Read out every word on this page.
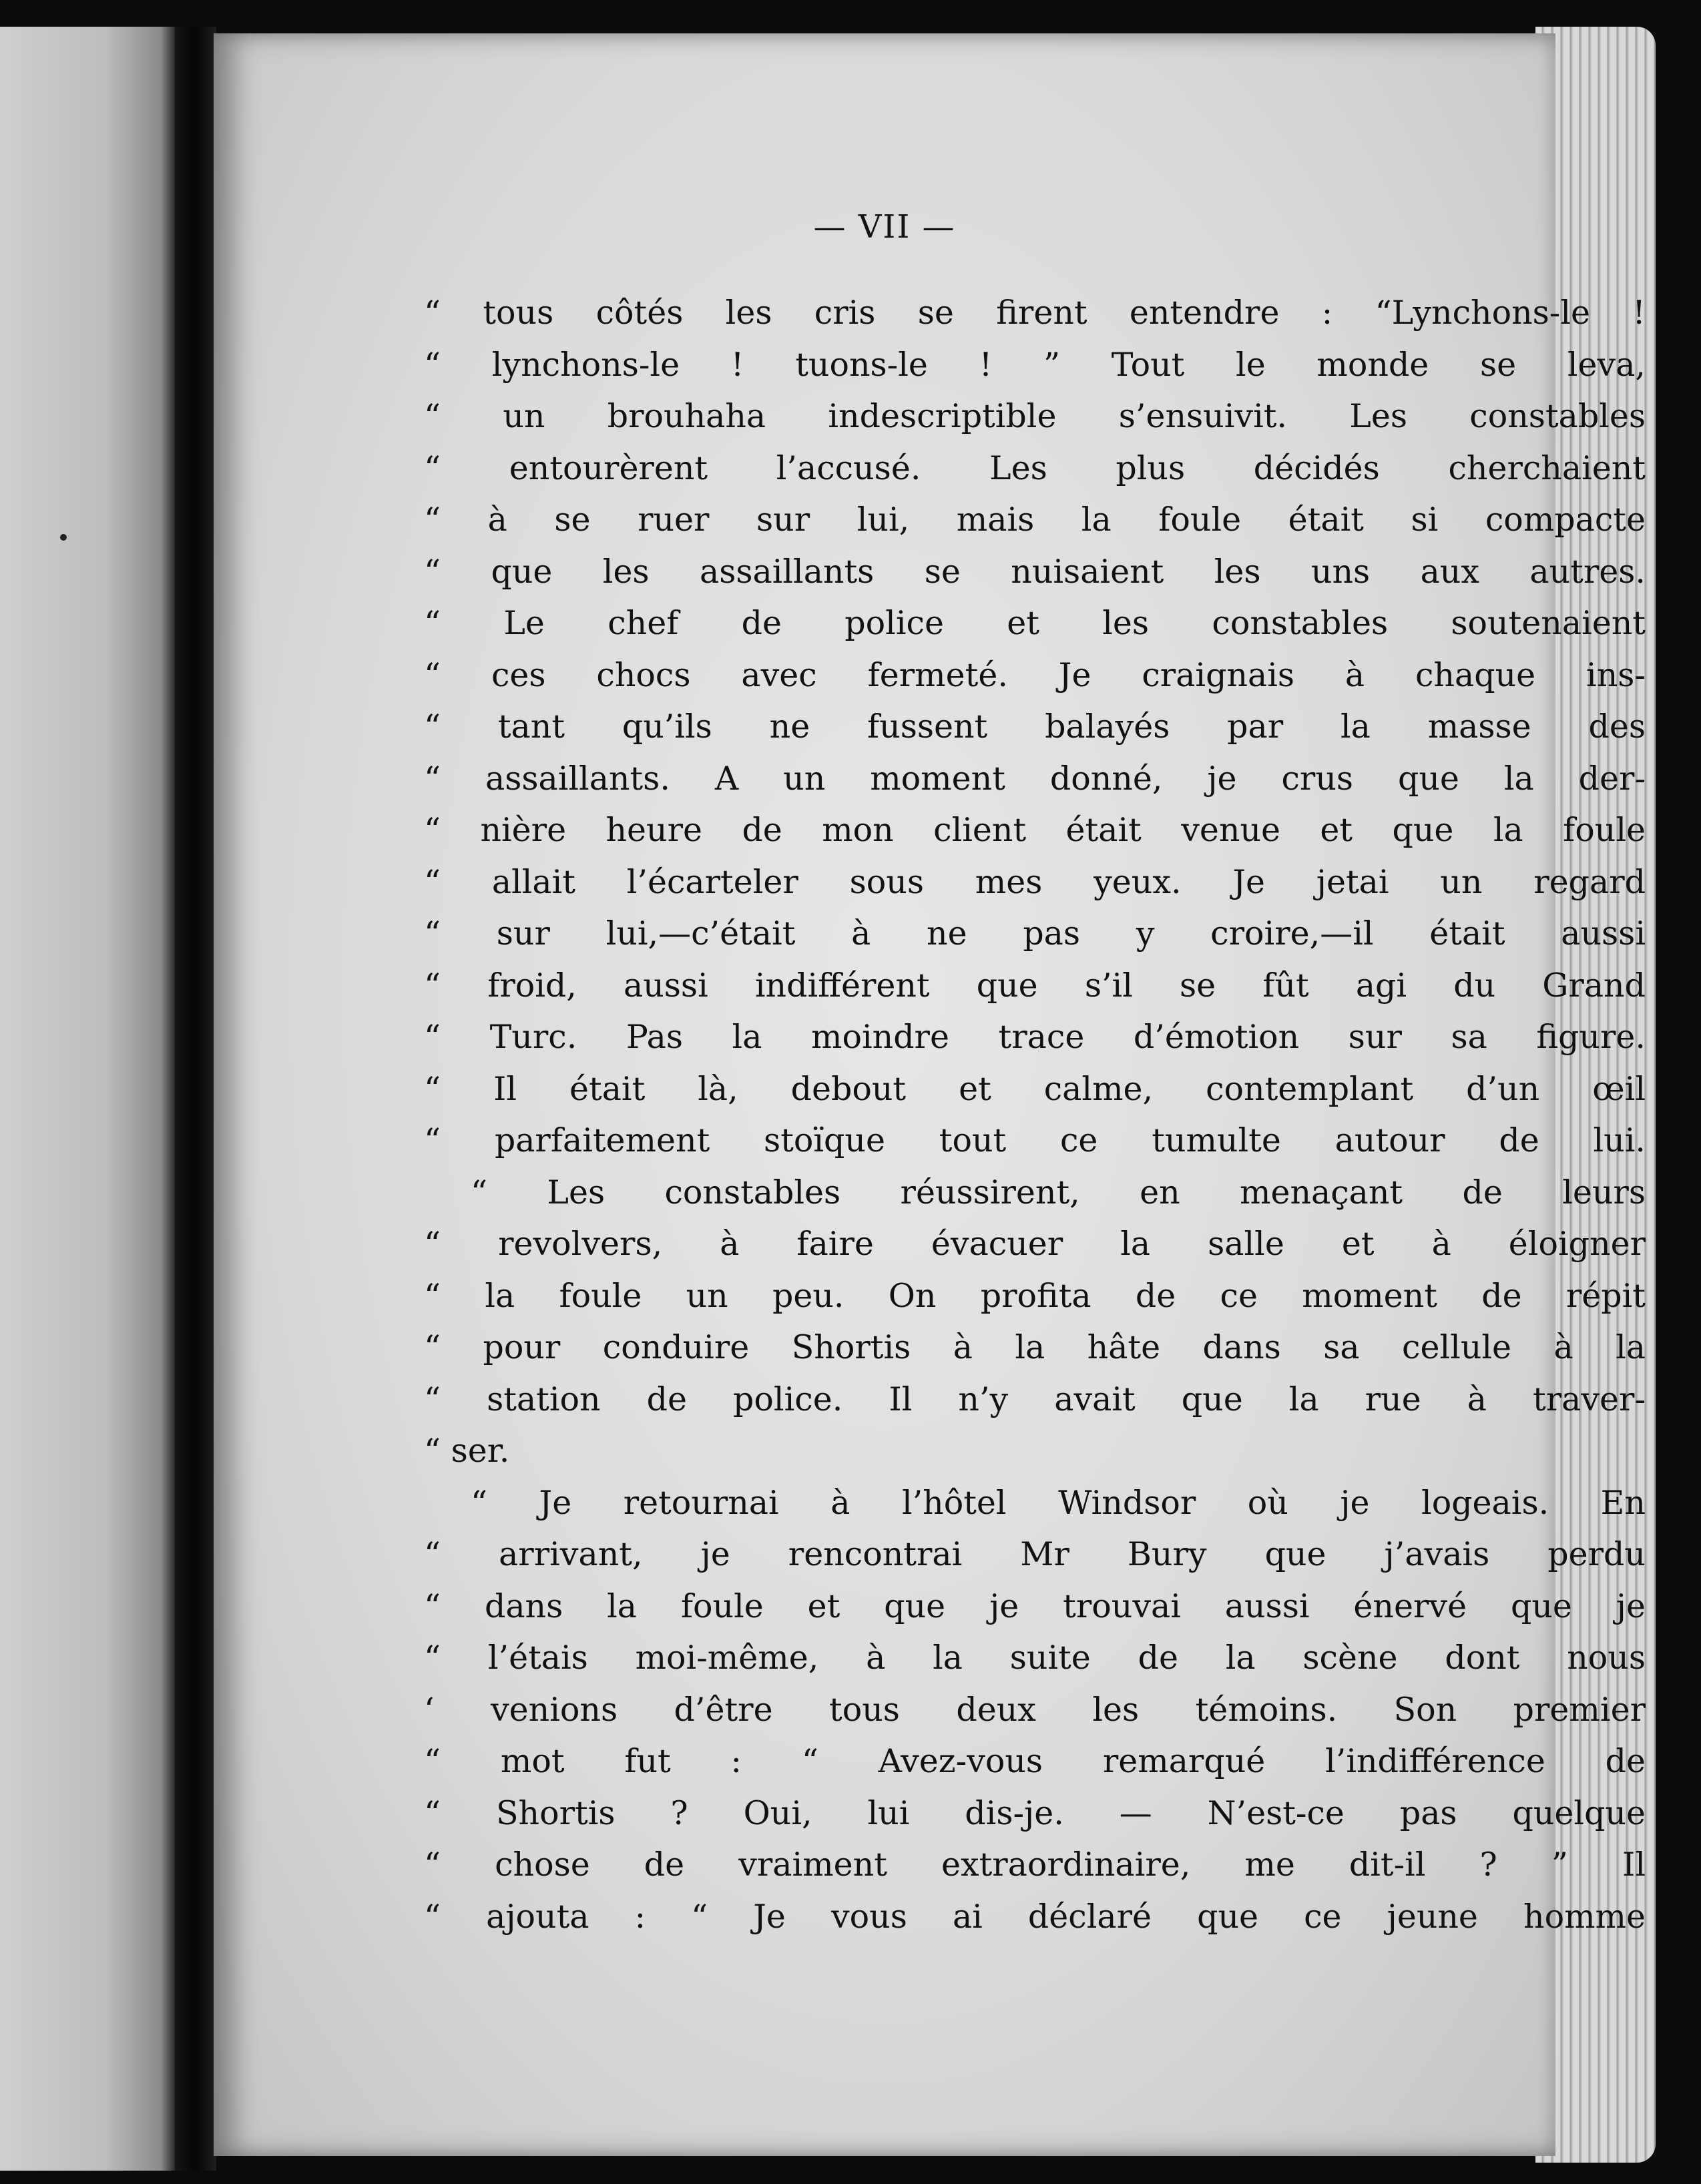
— VII —
“ tous côtés les cris se firent entendre : “Lynchons-le !
“ lynchons-le ! tuons-le ! ” Tout le monde se leva,
“ un brouhaha indescriptible s’ensuivit. Les constables
“ entourèrent l’accusé. Les plus décidés cherchaient
“ à se ruer sur lui, mais la foule était si compacte
“ que les assaillants se nuisaient les uns aux autres.
“ Le chef de police et les constables soutenaient
“ ces chocs avec fermeté. Je craignais à chaque ins-
“ tant qu’ils ne fussent balayés par la masse des
“ assaillants. A un moment donné, je crus que la der-
“ nière heure de mon client était venue et que la foule
“ allait l’écarteler sous mes yeux. Je jetai un regard
“ sur lui,—c’était à ne pas y croire,—il était aussi
“ froid, aussi indifférent que s’il se fût agi du Grand
“ Turc. Pas la moindre trace d’émotion sur sa figure.
“ Il était là, debout et calme, contemplant d’un œil
“ parfaitement stoïque tout ce tumulte autour de lui.
“ Les constables réussirent, en menaçant de leurs
“ revolvers, à faire évacuer la salle et à éloigner
“ la foule un peu. On profita de ce moment de répit
“ pour conduire Shortis à la hâte dans sa cellule à la
“ station de police. Il n’y avait que la rue à traver-
“ ser.
“ Je retournai à l’hôtel Windsor où je logeais. En
“ arrivant, je rencontrai Mr Bury que j’avais perdu
“ dans la foule et que je trouvai aussi énervé que je
“ l’étais moi-même, à la suite de la scène dont nous
‘ venions d’être tous deux les témoins. Son premier
“ mot fut : “ Avez-vous remarqué l’indifférence de
“ Shortis ? Oui, lui dis-je. — N’est-ce pas quelque
“ chose de vraiment extraordinaire, me dit-il ? ” Il
“ ajouta : “ Je vous ai déclaré que ce jeune homme
